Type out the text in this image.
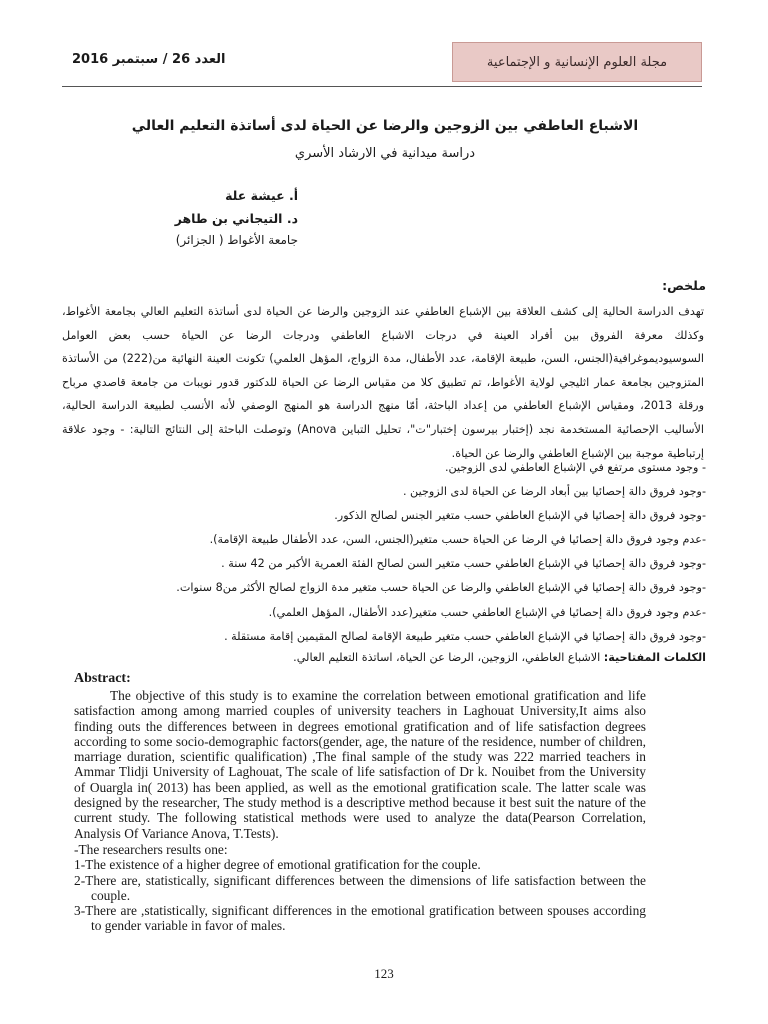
مجلة العلوم الإنسانية و الإجتماعية
العدد 26 / سبتمبر 2016
الاشباع العاطفي بين الزوجين والرضا عن الحياة لدى أساتذة التعليم العالي
دراسة ميدانية في الارشاد الأسري
أ. عيشة علة
د. التيجاني بن طاهر
جامعة الأغواط ( الجزائر)
ملخص:
تهدف الدراسة الحالية إلى كشف العلاقة بين الإشباع العاطفي عند الزوجين والرضا عن الحياة لدى أساتذة التعليم العالي بجامعة الأغواط، وكذلك معرفة الفروق بين أفراد العينة في درجات الاشباع العاطفي ودرجات الرضا عن الحياة حسب بعض العوامل السوسيوديموغرافية(الجنس، السن، طبيعة الإقامة، عدد الأطفال، مدة الزواج، المؤهل العلمي) تكونت العينة النهائية من(222) من الأساتذة المتزوجين بجامعة عمار اثليجي لولاية الأغواط، تم تطبيق كلا من مقياس الرضا عن الحياة للدكتور قدور نويبات من جامعة قاصدي مرباح ورقلة 2013، ومقياس الإشباع العاطفي من إعداد الباحثة، أمّا منهج الدراسة هو المنهج الوصفي لأنه الأنسب لطبيعة الدراسة الحالية، الأساليب الإحصائية المستخدمة نجد (إختبار بيرسون إختبار"ت"، تحليل التباين Anova) وتوصلت الباحثة إلى النتائج التالية: - وجود علاقة إرتباطية موجبة بين الإشباع العاطفي والرضا عن الحياة.
- وجود مستوى مرتفع في الإشباع العاطفي لدى الزوجين.
-وجود فروق دالة إحصائيا بين أبعاد الرضا عن الحياة لدى الزوجين .
-وجود فروق دالة إحصائيا في الإشباع العاطفي حسب متغير الجنس لصالح الذكور.
-عدم وجود فروق دالة إحصائيا في الرضا عن الحياة حسب متغير(الجنس، السن، عدد الأطفال طبيعة الإقامة).
-وجود فروق دالة إحصائيا في الإشباع العاطفي حسب متغير السن لصالح الفئة العمرية الأكبر من 42 سنة .
-وجود فروق دالة إحصائيا في الإشباع العاطفي والرضا عن الحياة حسب متغير مدة الزواج لصالح الأكثر من8 سنوات.
-عدم وجود فروق دالة إحصائيا في الإشباع العاطفي حسب متغير(عدد الأطفال، المؤهل العلمي).
-وجود فروق دالة إحصائيا في الإشباع العاطفي حسب متغير طبيعة الإقامة لصالح المقيمين إقامة مستقلة .
الكلمات المفتاحية: الاشباع العاطفي، الزوجين، الرضا عن الحياة، اساتذة التعليم العالي.
Abstract:
The objective of this study is to examine the correlation between emotional gratification and life satisfaction among among married couples of university teachers in Laghouat University,It aims also finding outs the differences between in degrees emotional gratification and of life satisfaction degrees according to some socio-demographic factors(gender, age, the nature of the residence, number of children, marriage duration, scientific qualification) ,The final sample of the study was 222 married teachers in Ammar Tlidji University of Laghouat, The scale of life satisfaction of Dr k. Nouibet from the University of Ouargla in( 2013) has been applied, as well as the emotional gratification scale. The latter scale was designed by the researcher, The study method is a descriptive method because it best suit the nature of the current study. The following statistical methods were used to analyze the data(Pearson Correlation, Analysis Of Variance Anova, T.Tests).
-The researchers results one:
1-The existence of a higher degree of emotional gratification for the couple.
2-There are, statistically, significant differences between the dimensions of life satisfaction between the couple.
3-There are ,statistically, significant differences in the emotional gratification between spouses according to gender variable in favor of males.
123
